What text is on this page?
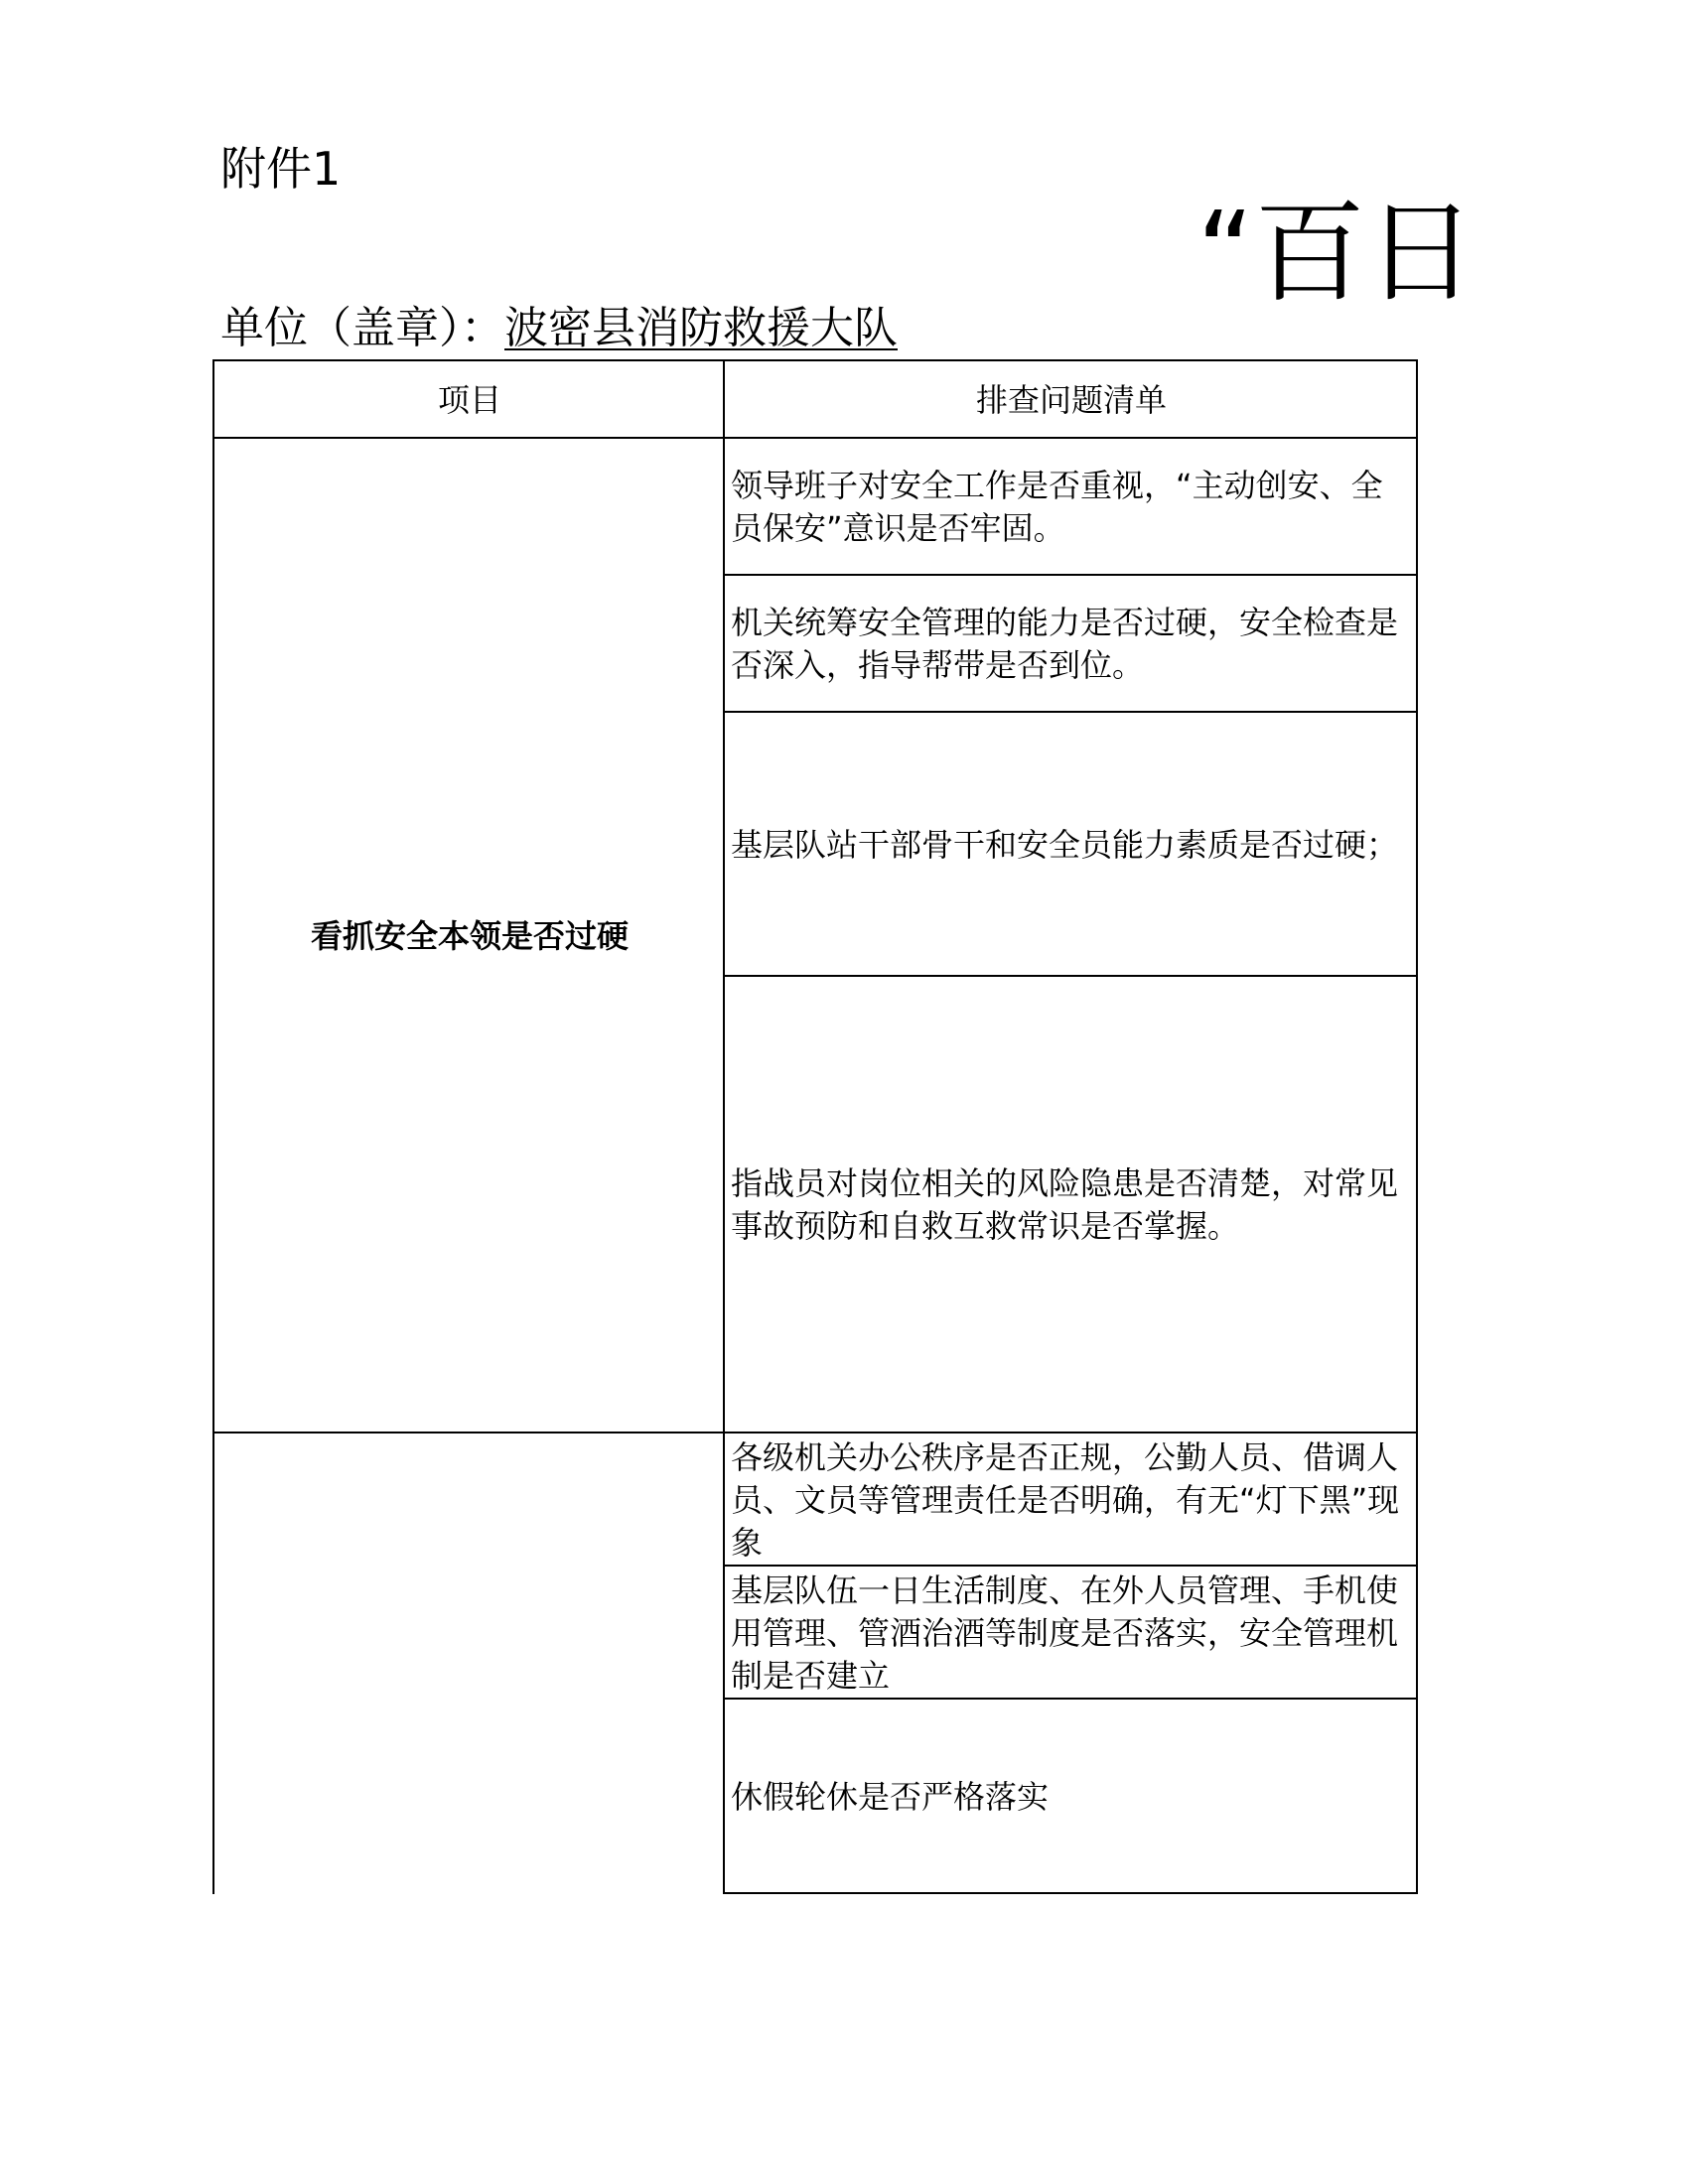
附件1
“百日
单位（盖章）：波密县消防救援大队
项目	排查问题清单
看抓安全本领是否过硬
领导班子对安全工作是否重视，“主动创安、全员保安”意识是否牢固。
机关统筹安全管理的能力是否过硬，安全检查是否深入，指导帮带是否到位。
基层队站干部骨干和安全员能力素质是否过硬；
指战员对岗位相关的风险隐患是否清楚，对常见事故预防和自救互救常识是否掌握。
各级机关办公秩序是否正规，公勤人员、借调人员、文员等管理责任是否明确，有无“灯下黑”现象
基层队伍一日生活制度、在外人员管理、手机使用管理、管酒治酒等制度是否落实，安全管理机制是否建立
休假轮休是否严格落实
